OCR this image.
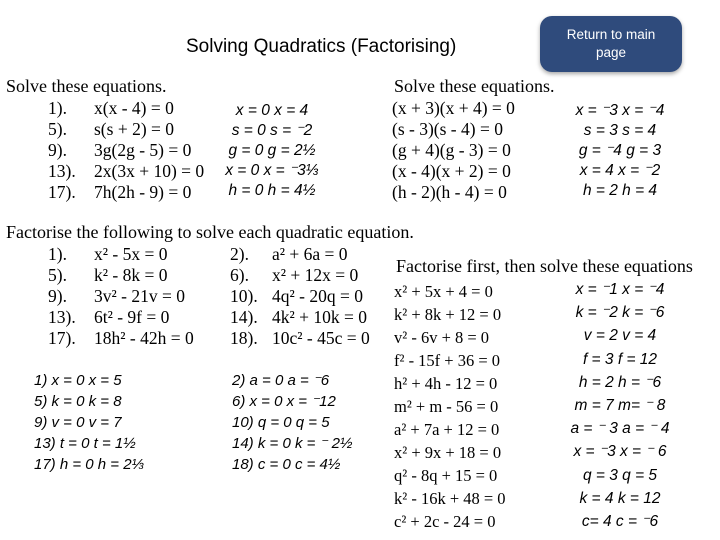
Solving Quadratics (Factorising)
Return to main page
Solve these equations.
1). x(x - 4) = 0
5). s(s + 2) = 0
9). 3g(2g - 5) = 0
13). 2x(3x + 10) = 0
17). 7h(2h - 9) = 0
x = 0 x = 4
s = 0 s = ⁻2
g = 0 g = 2½
x = 0 x = ⁻3⅓
h = 0 h = 4½
Solve these equations.
(x + 3)(x + 4) = 0
(s - 3)(s - 4) = 0
(g + 4)(g - 3) = 0
(x - 4)(x + 2) = 0
(h - 2)(h - 4) = 0
x = ⁻3 x = ⁻4
s = 3 s = 4
g = ⁻4 g = 3
x = 4 x = ⁻2
h = 2 h = 4
Factorise the following to solve each quadratic equation.
1). x² - 5x = 0
5). k² - 8k = 0
9). 3v² - 21v = 0
13). 6t² - 9f = 0
17). 18h² - 42h = 0
2). a² + 6a = 0
6). x² + 12x = 0
10). 4q² - 20q = 0
14). 4k² + 10k = 0
18). 10c² - 45c = 0
1) x = 0 x = 5
5) k = 0 k = 8
9) v = 0 v = 7
13) t = 0 t = 1½
17) h = 0 h = 2⅓
2) a = 0 a = ⁻6
6) x = 0 x = ⁻12
10) q = 0 q = 5
14) k = 0 k = ⁻ 2½
18) c = 0 c = 4½
Factorise first, then solve these equations
x² + 5x + 4 = 0
k² + 8k + 12 = 0
v² - 6v + 8 = 0
f² - 15f + 36 = 0
h² + 4h - 12 = 0
m² + m - 56 = 0
a² + 7a + 12 = 0
x² + 9x + 18 = 0
q² - 8q + 15 = 0
k² - 16k + 48 = 0
c² + 2c - 24 = 0
x = ⁻1 x = ⁻4
k = ⁻2 k = ⁻6
v = 2 v = 4
f = 3 f = 12
h = 2 h = ⁻6
m = 7 m= ⁻ 8
a = ⁻ 3 a = ⁻ 4
x = ⁻3 x = ⁻ 6
q = 3 q = 5
k = 4 k = 12
c= 4 c = ⁻6
